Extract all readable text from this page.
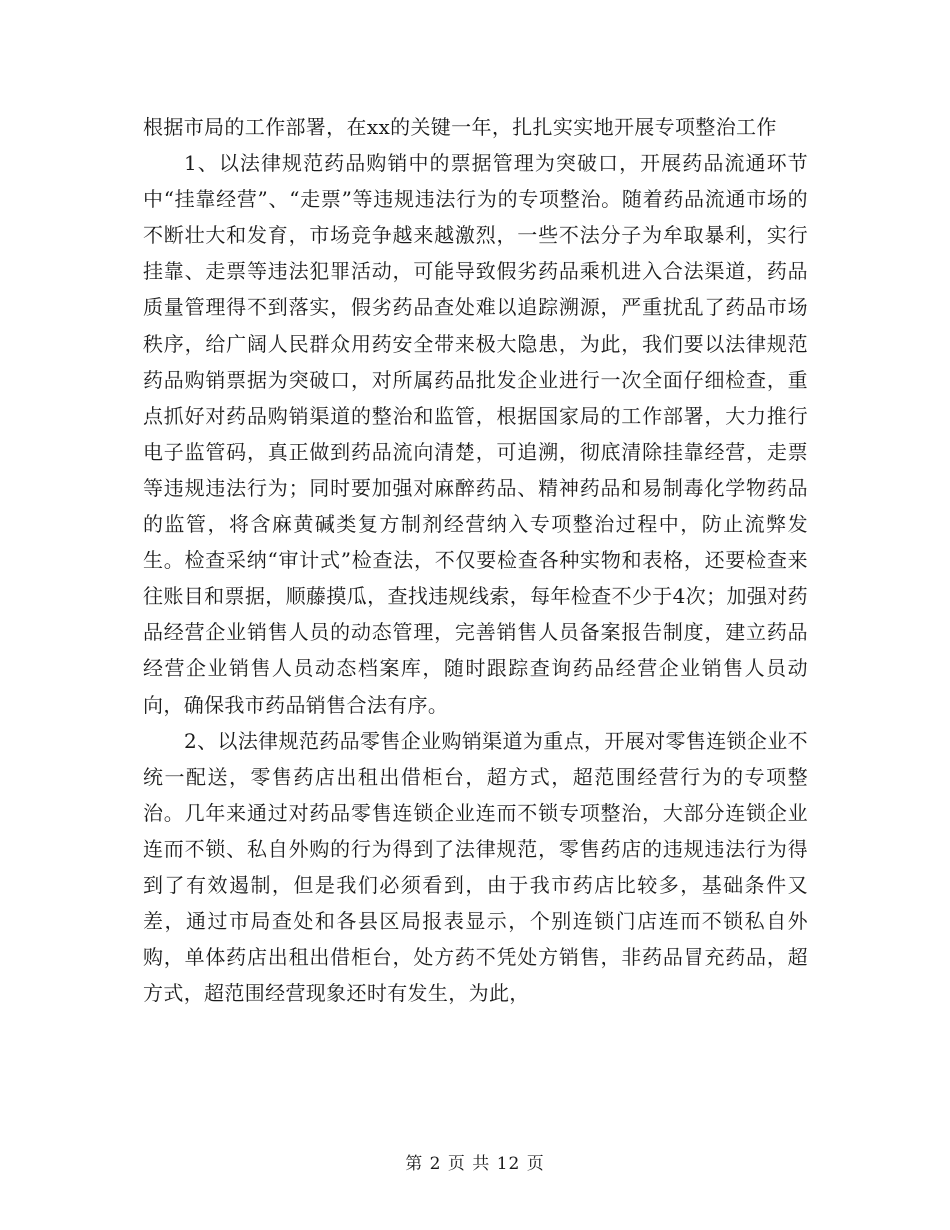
根据市局的工作部署，在xx的关键一年，扎扎实实地开展专项整治工作

1、以法律规范药品购销中的票据管理为突破口，开展药品流通环节中“挂靠经营”、“走票”等违规违法行为的专项整治。随着药品流通市场的不断壮大和发育，市场竞争越来越激烈，一些不法分子为牟取暴利，实行挂靠、走票等违法犯罪活动，可能导致假劣药品乘机进入合法渠道，药品质量管理得不到落实，假劣药品查处难以追踪溯源，严重扰乱了药品市场秩序，给广阔人民群众用药安全带来极大隐患，为此，我们要以法律规范药品购销票据为突破口，对所属药品批发企业进行一次全面仔细检查，重点抓好对药品购销渠道的整治和监管，根据国家局的工作部署，大力推行电子监管码，真正做到药品流向清楚，可追溯，彻底清除挂靠经营，走票等违规违法行为；同时要加强对麻醉药品、精神药品和易制毒化学物药品的监管，将含麻黄碱类复方制剂经营纳入专项整治过程中，防止流弊发生。检查采纳“审计式”检查法，不仅要检查各种实物和表格，还要检查来往账目和票据，顺藤摸瓜，查找违规线索，每年检查不少于4次；加强对药品经营企业销售人员的动态管理，完善销售人员备案报告制度，建立药品经营企业销售人员动态档案库，随时跟踪查询药品经营企业销售人员动向，确保我市药品销售合法有序。

2、以法律规范药品零售企业购销渠道为重点，开展对零售连锁企业不统一配送，零售药店出租出借柜台，超方式，超范围经营行为的专项整治。几年来通过对药品零售连锁企业连而不锁专项整治，大部分连锁企业连而不锁、私自外购的行为得到了法律规范，零售药店的违规违法行为得到了有效遏制，但是我们必须看到，由于我市药店比较多，基础条件又差，通过市局查处和各县区局报表显示，个别连锁门店连而不锁私自外购，单体药店出租出借柜台，处方药不凭处方销售，非药品冒充药品，超方式，超范围经营现象还时有发生，为此，

第 2 页 共 12 页
